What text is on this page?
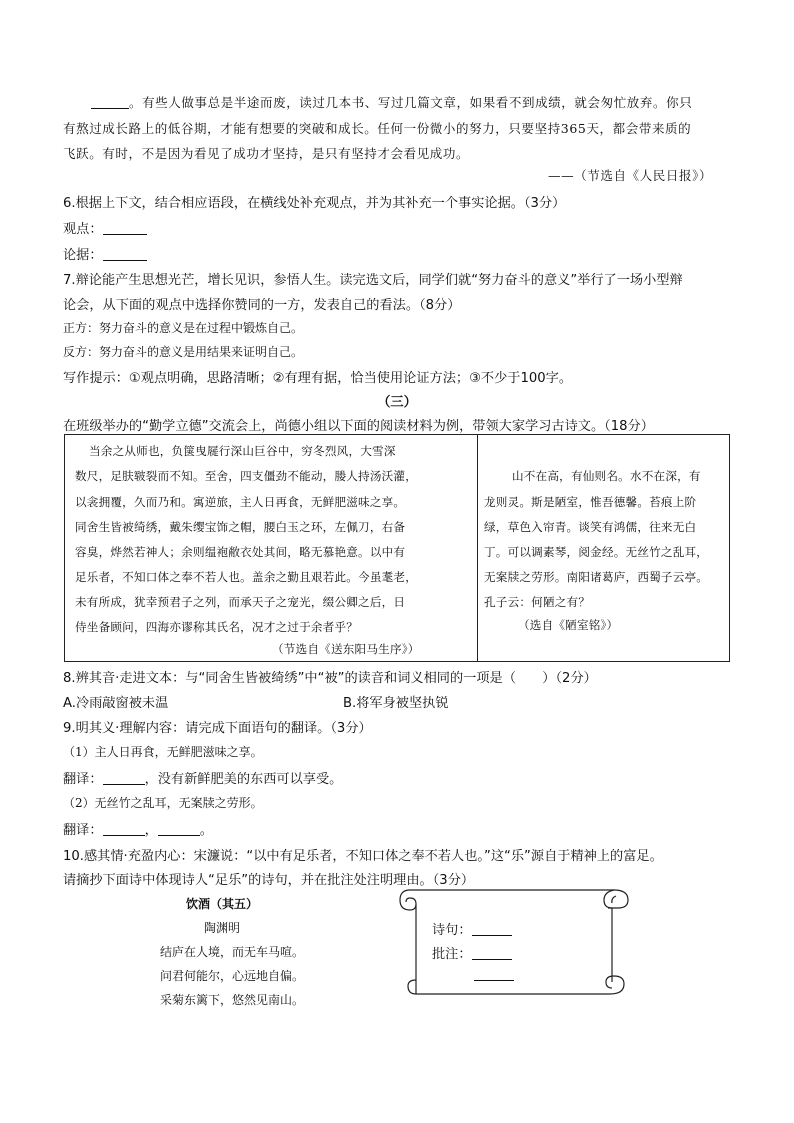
。有些人做事总是半途而废，读过几本书、写过几篇文章，如果看不到成绩，就会匆忙放弃。你只
有熬过成长路上的低谷期，才能有想要的突破和成长。任何一份微小的努力，只要坚持365天，都会带来质的
飞跃。有时，不是因为看见了成功才坚持，是只有坚持才会看见成功。
——（节选自《人民日报》）
6.根据上下文，结合相应语段，在横线处补充观点，并为其补充一个事实论据。（3分）
观点：
论据：
7.辩论能产生思想光芒，增长见识，参悟人生。读完选文后，同学们就“努力奋斗的意义”举行了一场小型辩
论会，从下面的观点中选择你赞同的一方，发表自己的看法。（8分）
正方：努力奋斗的意义是在过程中锻炼自己。
反方：努力奋斗的意义是用结果来证明自己。
写作提示：①观点明确，思路清晰；②有理有据，恰当使用论证方法；③不少于100字。
（三）
在班级举办的“勤学立德”交流会上，尚德小组以下面的阅读材料为例，带领大家学习古诗文。（18分）
当余之从师也，负箧曳屣行深山巨谷中，穷冬烈风，大雪深
数尺，足肤皲裂而不知。至舍，四支僵劲不能动，媵人持汤沃灌，
以衾拥覆，久而乃和。寓逆旅，主人日再食，无鲜肥滋味之享。
同舍生皆被绮绣，戴朱缨宝饰之帽，腰白玉之环，左佩刀，右备
容臭，烨然若神人；余则缊袍敝衣处其间，略无慕艳意。以中有
足乐者，不知口体之奉不若人也。盖余之勤且艰若此。今虽耄老，
未有所成，犹幸预君子之列，而承天子之宠光，缀公卿之后，日
侍坐备顾问，四海亦谬称其氏名，况才之过于余者乎？
（节选自《送东阳马生序》）
山不在高，有仙则名。水不在深，有
龙则灵。斯是陋室，惟吾德馨。苔痕上阶
绿，草色入帘青。谈笑有鸿儒，往来无白
丁。可以调素琴，阅金经。无丝竹之乱耳，
无案牍之劳形。南阳诸葛庐，西蜀子云亭。
孔子云：何陋之有？
（选自《陋室铭》）
8.辨其音·走进文本：与“同舍生皆被绮绣”中“被”的读音和词义相同的一项是（　　）（2分）
A.冷雨敲窗被未温	B.将军身被坚执锐
9.明其义·理解内容：请完成下面语句的翻译。（3分）
（1）主人日再食，无鲜肥滋味之享。
翻译：	，没有新鲜肥美的东西可以享受。
（2）无丝竹之乱耳，无案牍之劳形。
翻译：	，	。
10.感其情·充盈内心：宋濂说：“以中有足乐者，不知口体之奉不若人也。”这“乐”源自于精神上的富足。
请摘抄下面诗中体现诗人“足乐”的诗句，并在批注处注明理由。（3分）
饮酒（其五）
陶渊明
结庐在人境，而无车马喧。
问君何能尔，心远地自偏。
采菊东篱下，悠然见南山。
诗句：
批注：
